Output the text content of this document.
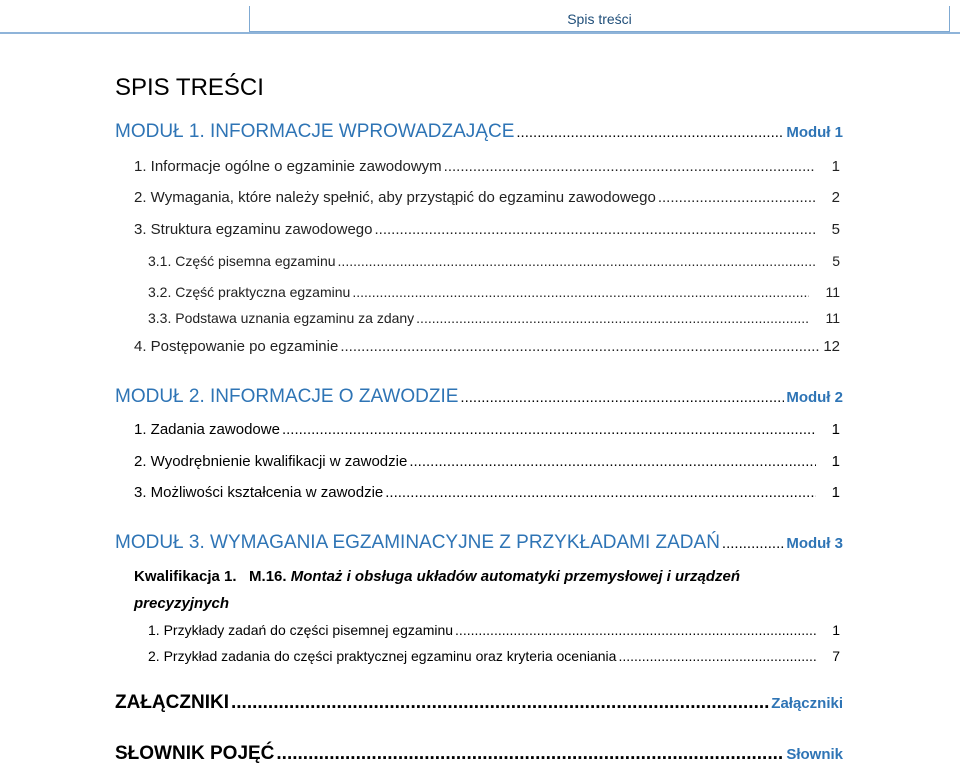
Spis treści
SPIS TREŚCI
MODUŁ 1. INFORMACJE WPROWADZAJĄCE .....	Moduł 1
1. Informacje ogólne o egzaminie zawodowym .....	1
2. Wymagania, które należy spełnić, aby przystąpić do egzaminu zawodowego .....	2
3. Struktura egzaminu zawodowego .....	5
3.1. Część pisemna egzaminu .....	5
3.2. Część praktyczna egzaminu .....	11
3.3. Podstawa uznania egzaminu za zdany .....	11
4. Postępowanie po egzaminie .....	12
MODUŁ 2. INFORMACJE O ZAWODZIE .....	Moduł 2
1. Zadania zawodowe .....	1
2. Wyodrębnienie kwalifikacji w zawodzie .....	1
3. Możliwości kształcenia w zawodzie .....	1
MODUŁ 3. WYMAGANIA EGZAMINACYJNE Z PRZYKŁADAMI ZADAŃ .....	Moduł 3
Kwalifikacja 1.   M.16. Montaż i obsługa układów automatyki przemysłowej i urządzeń
precyzyjnych
1. Przykłady zadań do części pisemnej egzaminu .....	1
2. Przykład zadania do części praktycznej egzaminu oraz kryteria oceniania .....	7
ZAŁĄCZNIKI .....	Załączniki
SŁOWNIK POJĘĆ .....	Słownik
